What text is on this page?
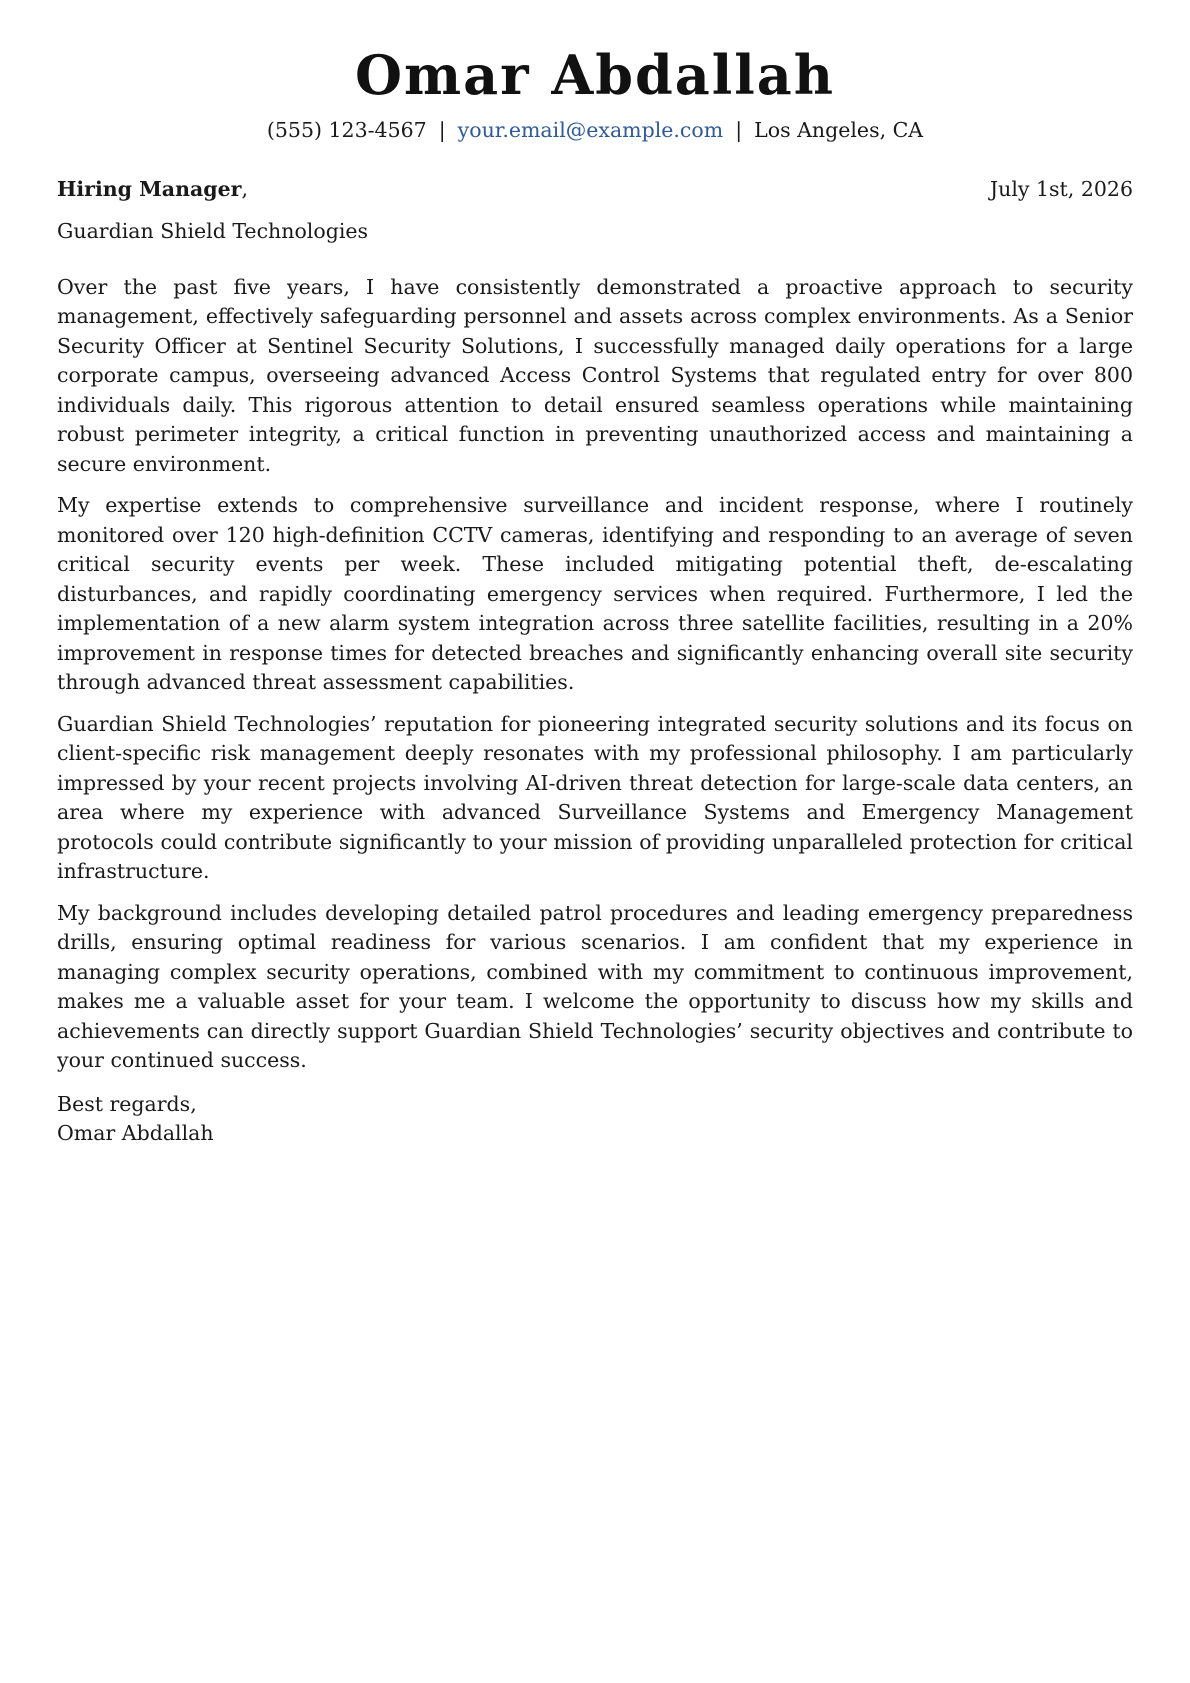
Omar Abdallah
(555) 123-4567 | your.email@example.com | Los Angeles, CA
Hiring Manager,	July 1st, 2026
Guardian Shield Technologies

Over the past five years, I have consistently demonstrated a proactive approach to security management, effectively safeguarding personnel and assets across complex environments. As a Senior Security Officer at Sentinel Security Solutions, I successfully managed daily operations for a large corporate campus, overseeing advanced Access Control Systems that regulated entry for over 800 individuals daily. This rigorous attention to detail ensured seamless operations while maintaining robust perimeter integrity, a critical function in preventing unauthorized access and maintaining a secure environment.

My expertise extends to comprehensive surveillance and incident response, where I routinely monitored over 120 high-definition CCTV cameras, identifying and responding to an average of seven critical security events per week. These included mitigating potential theft, de-escalating disturbances, and rapidly coordinating emergency services when required. Furthermore, I led the implementation of a new alarm system integration across three satellite facilities, resulting in a 20% improvement in response times for detected breaches and significantly enhancing overall site security through advanced threat assessment capabilities.

Guardian Shield Technologies’ reputation for pioneering integrated security solutions and its focus on client-specific risk management deeply resonates with my professional philosophy. I am particularly impressed by your recent projects involving AI-driven threat detection for large-scale data centers, an area where my experience with advanced Surveillance Systems and Emergency Management protocols could contribute significantly to your mission of providing unparalleled protection for critical infrastructure.

My background includes developing detailed patrol procedures and leading emergency preparedness drills, ensuring optimal readiness for various scenarios. I am confident that my experience in managing complex security operations, combined with my commitment to continuous improvement, makes me a valuable asset for your team. I welcome the opportunity to discuss how my skills and achievements can directly support Guardian Shield Technologies’ security objectives and contribute to your continued success.

Best regards,
Omar Abdallah
